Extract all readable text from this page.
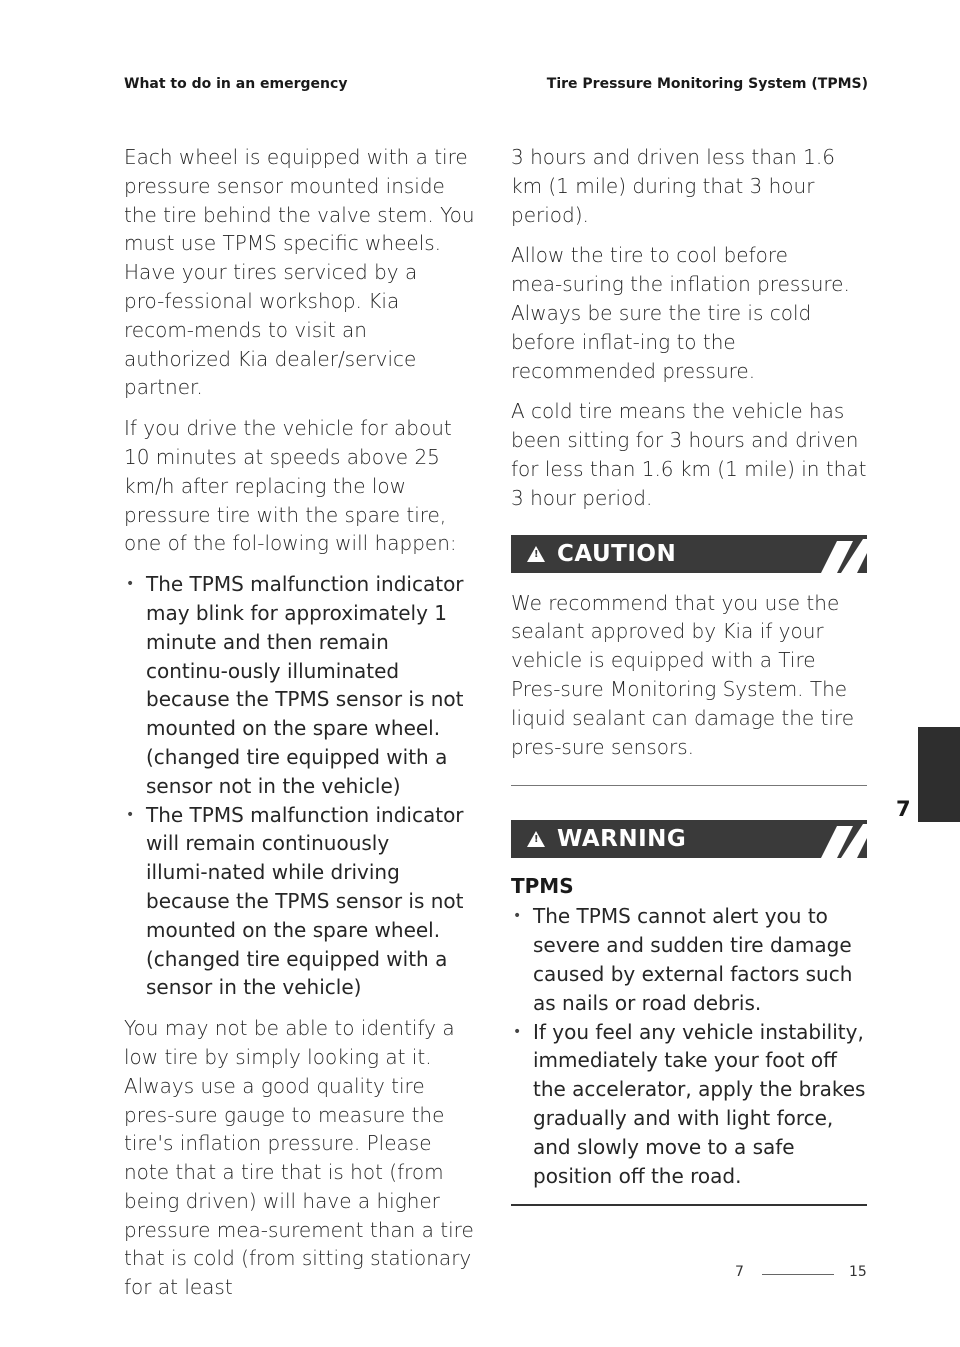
What to do in an emergency	Tire Pressure Monitoring System (TPMS)

Each wheel is equipped with a tire pressure sensor mounted inside the tire behind the valve stem. You must use TPMS specific wheels. Have your tires serviced by a pro‑fessional workshop. Kia recom‑mends to visit an authorized Kia dealer/service partner.

If you drive the vehicle for about 10 minutes at speeds above 25 km/h after replacing the low pressure tire with the spare tire, one of the fol‑lowing will happen:

• The TPMS malfunction indicator may blink for approximately 1 minute and then remain continu‑ously illuminated because the TPMS sensor is not mounted on the spare wheel. (changed tire equipped with a sensor not in the vehicle)
• The TPMS malfunction indicator will remain continuously illumi‑nated while driving because the TPMS sensor is not mounted on the spare wheel. (changed tire equipped with a sensor in the vehicle)

You may not be able to identify a low tire by simply looking at it. Always use a good quality tire pres‑sure gauge to measure the tire's inflation pressure. Please note that a tire that is hot (from being driven) will have a higher pressure mea‑surement than a tire that is cold (from sitting stationary for at least

3 hours and driven less than 1.6 km (1 mile) during that 3 hour period).

Allow the tire to cool before mea‑suring the inflation pressure. Always be sure the tire is cold before inflat‑ing to the recommended pressure.

A cold tire means the vehicle has been sitting for 3 hours and driven for less than 1.6 km (1 mile) in that 3 hour period.

! CAUTION

We recommend that you use the sealant approved by Kia if your vehicle is equipped with a Tire Pres‑sure Monitoring System. The liquid sealant can damage the tire pres‑sure sensors.

! WARNING
TPMS
• The TPMS cannot alert you to severe and sudden tire damage caused by external factors such as nails or road debris.
• If you feel any vehicle instability, immediately take your foot off the accelerator, apply the brakes gradually and with light force, and slowly move to a safe position off the road.
7
7	15
